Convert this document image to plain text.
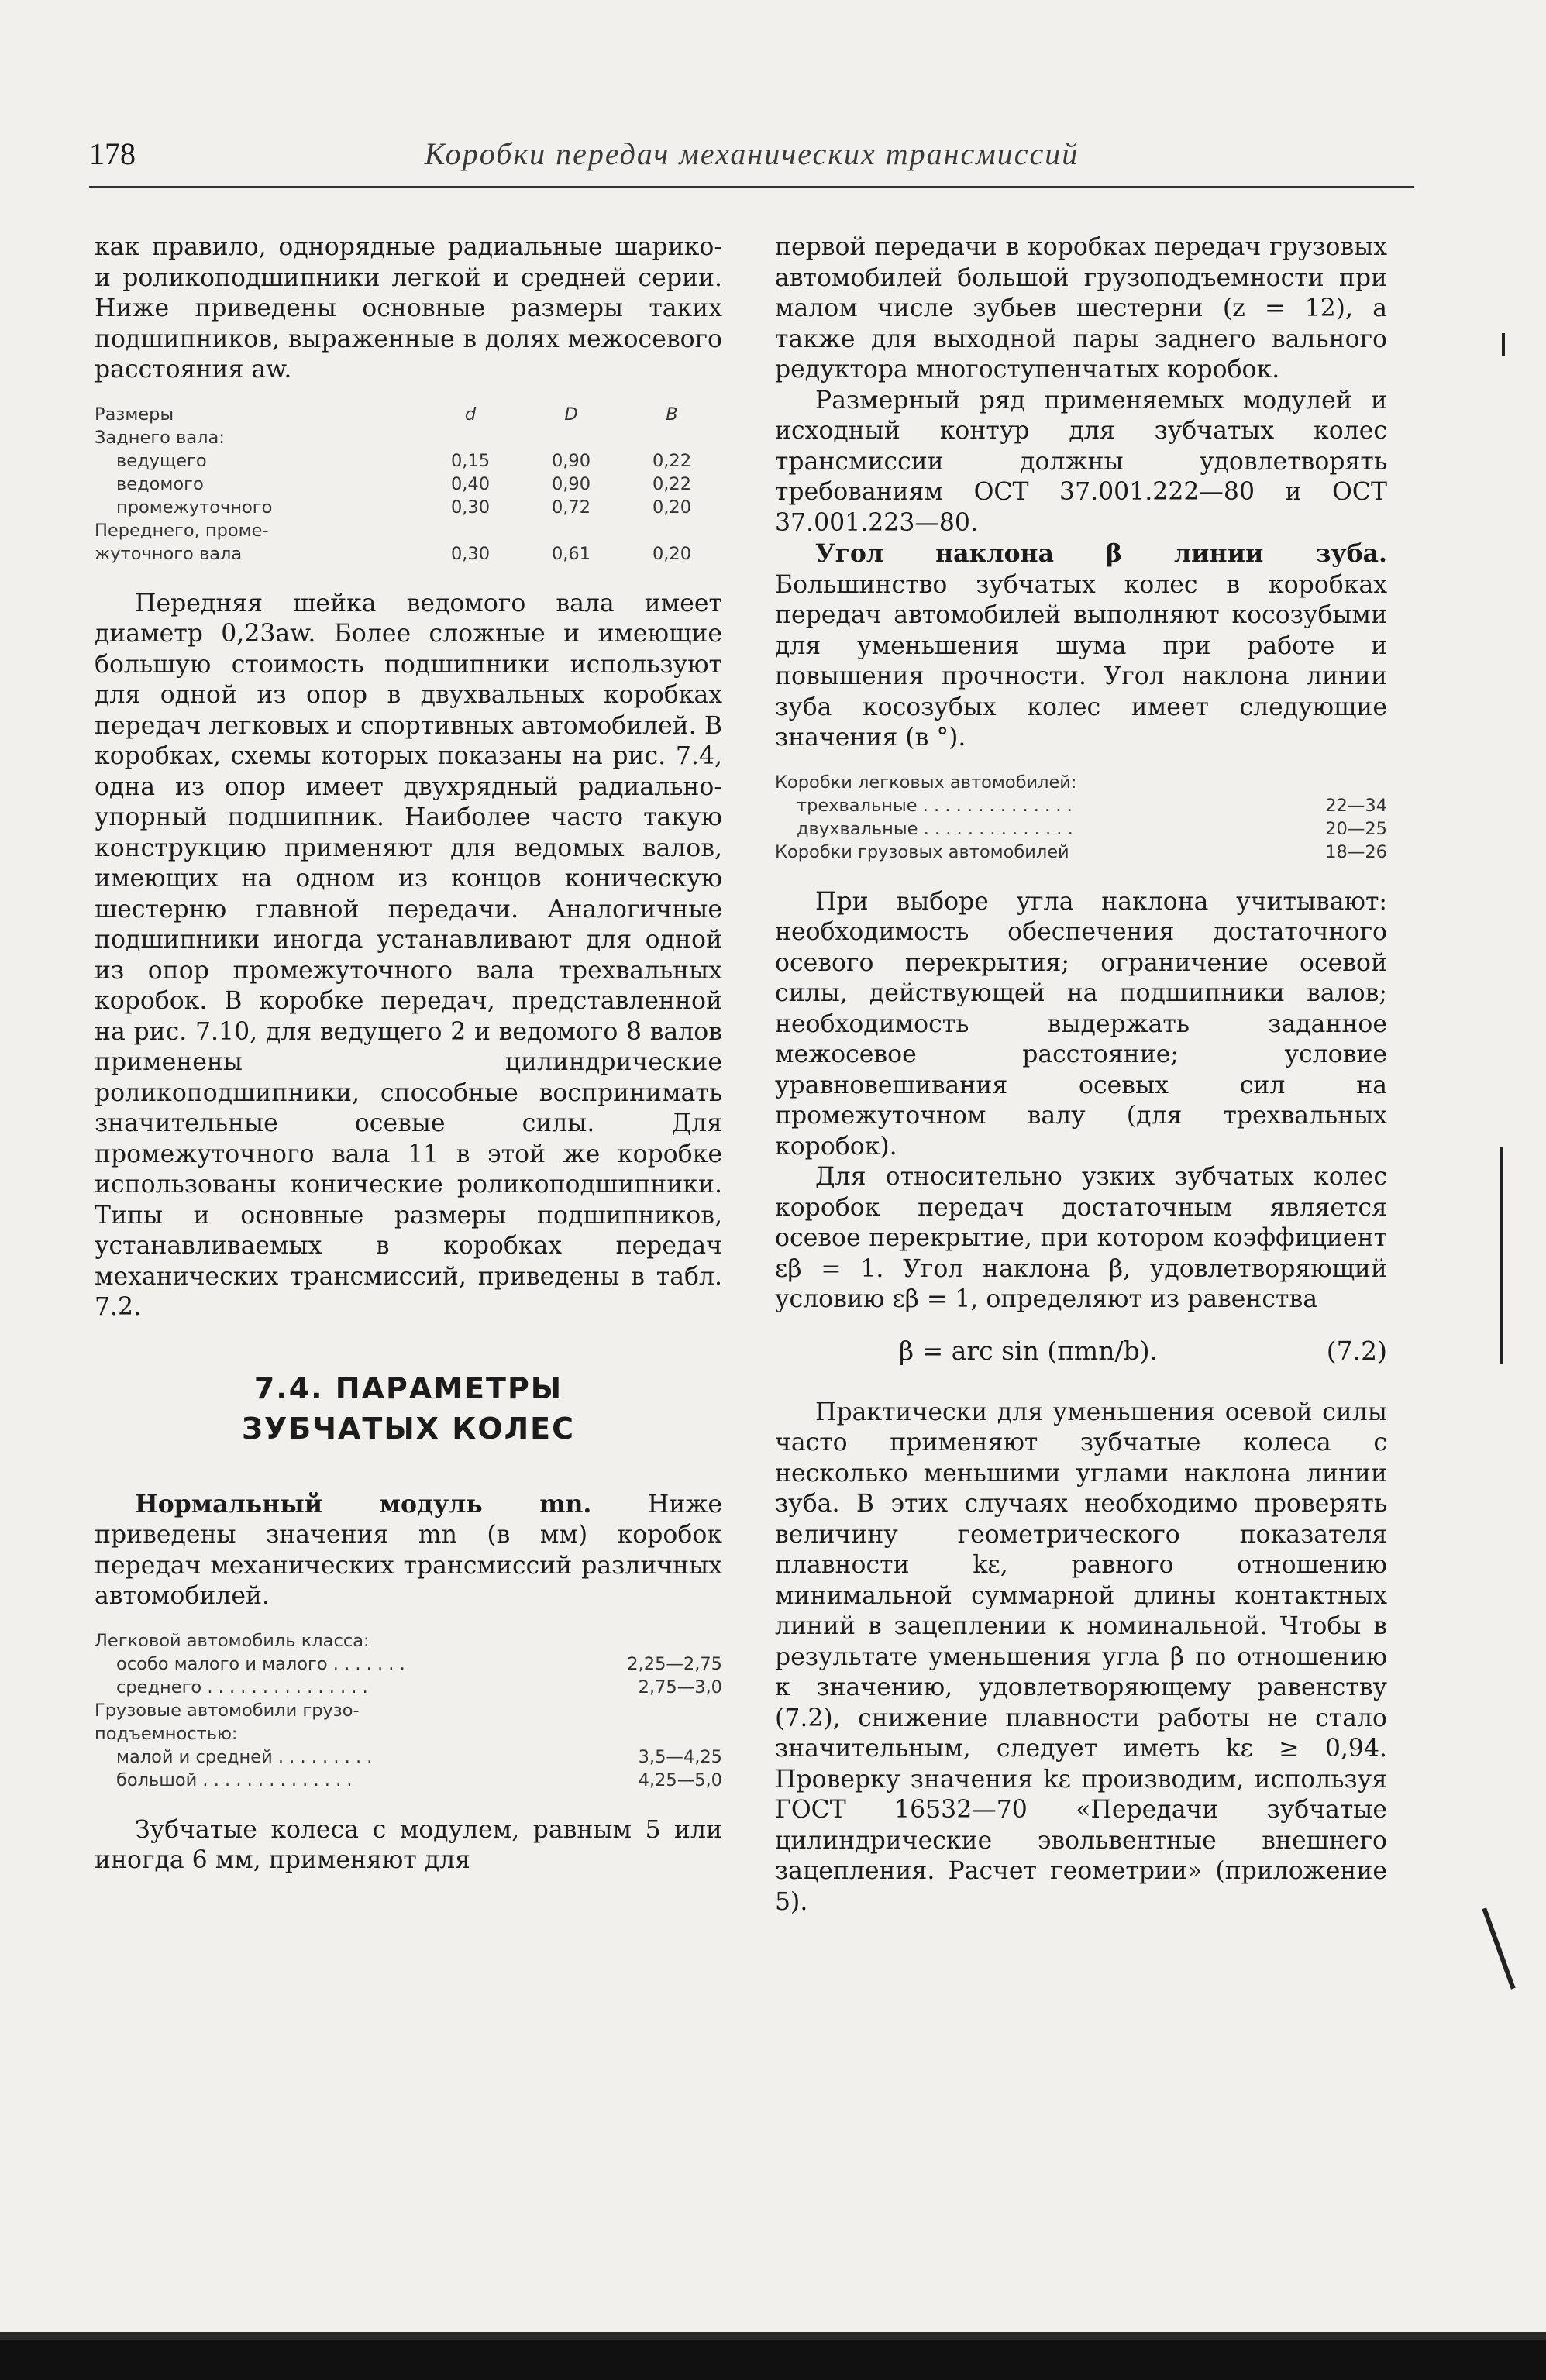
178	Коробки передач механических трансмиссий

как правило, однорядные радиальные шарико- и роликоподшипники легкой и средней серии. Ниже приведены основные размеры таких подшипников, выраженные в долях межосевого расстояния aw.

Размеры	d	D	B
Заднего вала:
ведущего	0,15	0,90	0,22
ведомого	0,40	0,90	0,22
промежуточного	0,30	0,72	0,20
Переднего, проме-
жуточного вала	0,30	0,61	0,20

Передняя шейка ведомого вала имеет диаметр 0,23aw. Более сложные и имеющие большую стоимость подшипники используют для одной из опор в двухвальных коробках передач легковых и спортивных автомобилей. В коробках, схемы которых показаны на рис. 7.4, одна из опор имеет двухрядный радиально-упорный подшипник. Наиболее часто такую конструкцию применяют для ведомых валов, имеющих на одном из концов коническую шестерню главной передачи. Аналогичные подшипники иногда устанавливают для одной из опор промежуточного вала трехвальных коробок. В коробке передач, представленной на рис. 7.10, для ведущего 2 и ведомого 8 валов применены цилиндрические роликоподшипники, способные воспринимать значительные осевые силы. Для промежуточного вала 11 в этой же коробке использованы конические роликоподшипники. Типы и основные размеры подшипников, устанавливаемых в коробках передач механических трансмиссий, приведены в табл. 7.2.

7.4. ПАРАМЕТРЫ
ЗУБЧАТЫХ КОЛЕС

Нормальный модуль mn. Ниже приведены значения mn (в мм) коробок передач механических трансмиссий различных автомобилей.

Легковой автомобиль класса:
особо малого и малого . . . . . . .	2,25—2,75
среднего . . . . . . . . . . . . . . .	2,75—3,0
Грузовые автомобили грузо-
подъемностью:
малой и средней . . . . . . . . .	3,5—4,25
большой . . . . . . . . . . . . . .	4,25—5,0

Зубчатые колеса с модулем, равным 5 или иногда 6 мм, применяют для

первой передачи в коробках передач грузовых автомобилей большой грузоподъемности при малом числе зубьев шестерни (z = 12), а также для выходной пары заднего вального редуктора многоступенчатых коробок.

Размерный ряд применяемых модулей и исходный контур для зубчатых колес трансмиссии должны удовлетворять требованиям ОСТ 37.001.222—80 и ОСТ 37.001.223—80.

Угол наклона β линии зуба. Большинство зубчатых колес в коробках передач автомобилей выполняют косозубыми для уменьшения шума при работе и повышения прочности. Угол наклона линии зуба косозубых колес имеет следующие значения (в °).

Коробки легковых автомобилей:
трехвальные . . . . . . . . . . . . . .	22—34
двухвальные . . . . . . . . . . . . . .	20—25
Коробки грузовых автомобилей	18—26

При выборе угла наклона учитывают: необходимость обеспечения достаточного осевого перекрытия; ограничение осевой силы, действующей на подшипники валов; необходимость выдержать заданное межосевое расстояние; условие уравновешивания осевых сил на промежуточном валу (для трехвальных коробок).

Для относительно узких зубчатых колес коробок передач достаточным является осевое перекрытие, при котором коэффициент εβ = 1. Угол наклона β, удовлетворяющий условию εβ = 1, определяют из равенства

β = arc sin (πmn/b).	(7.2)

Практически для уменьшения осевой силы часто применяют зубчатые колеса с несколько меньшими углами наклона линии зуба. В этих случаях необходимо проверять величину геометрического показателя плавности kε, равного отношению минимальной суммарной длины контактных линий в зацеплении к номинальной. Чтобы в результате уменьшения угла β по отношению к значению, удовлетворяющему равенству (7.2), снижение плавности работы не стало значительным, следует иметь kε ≥ 0,94. Проверку значения kε производим, используя ГОСТ 16532—70 «Передачи зубчатые цилиндрические эвольвентные внешнего зацепления. Расчет геометрии» (приложение 5).
